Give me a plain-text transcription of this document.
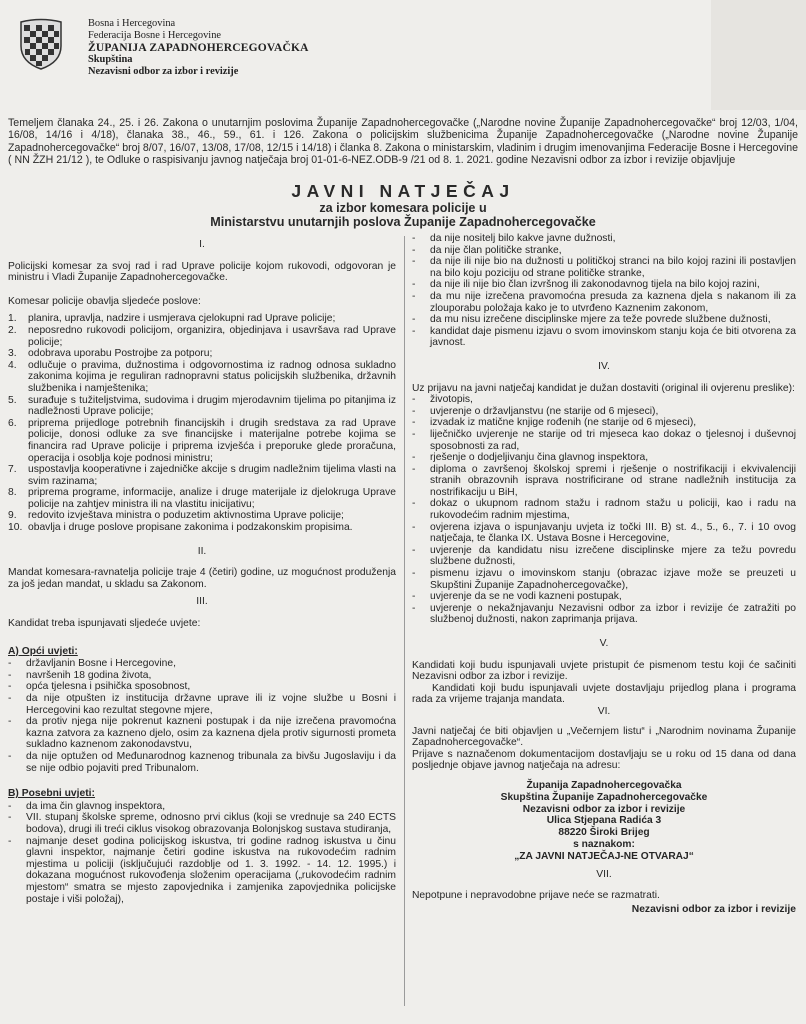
Bosna i Hercegovina
Federacija Bosne i Hercegovine
ŽUPANIJA ZAPADNOHERCEGOVAČKA
Skupština
Nezavisni odbor za izbor i revizije
Temeljem članaka 24., 25. i 26. Zakona o unutarnjim poslovima Županije Zapadnohercegovačke („Narodne novine Županije Zapadnohercegovačke“ broj 12/03, 1/04, 16/08, 14/16 i 4/18), članaka 38., 46., 59., 61. i 126. Zakona o policijskim službenicima Županije Zapadnohercegovačke („Narodne novine Županije Zapadnohercegovačke“ broj 8/07, 16/07, 13/08, 17/08, 12/15 i 14/18) i članka 8. Zakona o ministarskim, vladinim i drugim imenovanjima Federacije Bosne i Hercegovine ( NN ŽZH 21/12 ), te Odluke o raspisivanju javnog natječaja broj 01-01-6-NEZ.ODB-9 /21 od 8. 1. 2021. godine Nezavisni odbor za izbor i revizije objavljuje
JAVNI NATJEČAJ
za izbor komesara policije u
Ministarstvu unutarnjih poslova Županije Zapadnohercegovačke
I.

Policijski komesar za svoj rad i rad Uprave policije kojom rukovodi, odgovoran je ministru i Vladi Županije Zapadnohercegovačke.

Komesar policije obavlja sljedeće poslove:

1.	planira, upravlja, nadzire i usmjerava cjelokupni rad Uprave policije;
2.	neposredno rukovodi policijom, organizira, objedinjava i usavršava rad Uprave policije;
3.	odobrava uporabu Postrojbe za potporu;
4.	odlučuje o pravima, dužnostima i odgovornostima iz radnog odnosa sukladno zakonima kojima je reguliran radnopravni status policijskih službenika, državnih službenika i namještenika;
5.	surađuje s tužiteljstvima, sudovima i drugim mjerodavnim tijelima po pitanjima iz nadležnosti Uprave policije;
6.	priprema prijedloge potrebnih financijskih i drugih sredstava za rad Uprave policije, donosi odluke za sve financijske i materijalne potrebe kojima se financira rad Uprave policije i priprema izvješća i preporuke glede proračuna, operacija i osoblja koje podnosi ministru;
7.	uspostavlja kooperativne i zajedničke akcije s drugim nadležnim tijelima vlasti na svim razinama;
8.	priprema programe, informacije, analize i druge materijale iz djelokruga Uprave policije na zahtjev ministra ili na vlastitu inicijativu;
9.	redovito izvještava ministra o poduzetim aktivnostima Uprave policije;
10. obavlja i druge poslove propisane zakonima i podzakonskim propisima.
II.

Mandat komesara-ravnatelja policije traje 4 (četiri) godine, uz mogućnost produženja za još jedan mandat, u skladu sa Zakonom.

III.

Kandidat treba ispunjavati sljedeće uvjete:

A) Opći uvjeti:
-	državljanin Bosne i Hercegovine,
-	navršenih 18 godina života,
-	opća tjelesna i psihička sposobnost,
-	da nije otpušten iz institucija državne uprave ili iz vojne službe u Bosni i Hercegovini kao rezultat stegovne mjere,
-	da protiv njega nije pokrenut kazneni postupak i da nije izrečena pravomoćna kazna zatvora za kazneno djelo, osim za kaznena djela protiv sigurnosti prometa sukladno kaznenom zakonodavstvu,
-	da nije optužen od Međunarodnog kaznenog tribunala za bivšu Jugoslaviju i da se nije odbio pojaviti pred Tribunalom.
B) Posebni uvjeti:
-	da ima čin glavnog inspektora,
-	VII. stupanj školske spreme, odnosno prvi ciklus (koji se vrednuje sa 240 ECTS bodova), drugi ili treći ciklus visokog obrazovanja Bolonjskog sustava studiranja,
-	najmanje deset godina policijskog iskustva, tri godine radnog iskustva u činu glavni inspektor, najmanje četiri godine iskustva na rukovodećim radnim mjestima u policiji (isključujući razdoblje od 1. 3. 1992. - 14. 12. 1995.) i dokazana mogućnost rukovođenja složenim operacijama („rukovodećim radnim mjestom“ smatra se mjesto zapovjednika i zamjenika zapovjednika policijske postaje i viši položaj),
-	da nije nositelj bilo kakve javne dužnosti,
-	da nije član političke stranke,
-	da nije ili nije bio na dužnosti u političkoj stranci na bilo kojoj razini ili postavljen na bilo koju poziciju od strane političke stranke,
-	da nije ili nije bio član izvršnog ili zakonodavnog tijela na bilo kojoj razini,
-	da mu nije izrečena pravomoćna presuda za kaznena djela s nakanom ili za zlouporabu položaja kako je to utvrđeno Kaznenim zakonom,
-	da mu nisu izrečene disciplinske mjere za teže povrede službene dužnosti,
-	kandidat daje pismenu izjavu o svom imovinskom stanju koja će biti otvorena za javnost.
IV.

Uz prijavu na javni natječaj kandidat je dužan dostaviti (original ili ovjerenu preslike):

-	životopis,
-	uvjerenje o državljanstvu (ne starije od 6 mjeseci),
-	izvadak iz matične knjige rođenih (ne starije od 6 mjeseci),
-	liječničko uvjerenje ne starije od tri mjeseca kao dokaz o tjelesnoj i duševnoj sposobnosti za rad,
-	rješenje o dodjeljivanju čina glavnog inspektora,
-	diploma o završenoj školskoj spremi i rješenje o nostrifikaciji i ekvivalenciji stranih obrazovnih isprava nostrificirane od strane nadležnih institucija za nostrifikaciju u BiH,
-	dokaz o ukupnom radnom stažu i radnom stažu u policiji, kao i radu na rukovodećim radnim mjestima,
-	ovjerena izjava o ispunjavanju uvjeta iz točki III. B) st. 4., 5., 6., 7. i 10 ovog natječaja, te članka IX. Ustava Bosne i Hercegovine,
-	uvjerenje da kandidatu nisu izrečene disciplinske mjere za težu povredu službene dužnosti,
-	pismenu izjavu o imovinskom stanju (obrazac izjave može se preuzeti u Skupštini Županije Zapadnohercegovačke),
-	uvjerenje da se ne vodi kazneni postupak,
-	uvjerenje o nekažnjavanju Nezavisni odbor za izbor i revizije će zatražiti po službenoj dužnosti, nakon zaprimanja prijava.
V.

Kandidati koji budu ispunjavali uvjete pristupit će pismenom testu koji će sačiniti Nezavisni odbor za izbor i revizije.

Kandidati koji budu ispunjavali uvjete dostavljaju prijedlog plana i programa rada za vrijeme trajanja mandata.

VI.

Javni natječaj će biti objavljen u „Večernjem listu“ i „Narodnim novinama Županije Zapadnohercegovačke“.

Prijave s naznačenom dokumentacijom dostavljaju se u roku od 15 dana od dana posljednje objave javnog natječaja na adresu:

Županija Zapadnohercegovačka
Skupština Županije Zapadnohercegovačke
Nezavisni odbor za izbor i revizije
Ulica Stjepana Radića 3
88220 Široki Brijeg
s naznakom:
„ZA JAVNI NATJEČAJ-NE OTVARAJ“
VII.

Nepotpune i nepravodobne prijave neće se razmatrati.

Nezavisni odbor za izbor i revizije
